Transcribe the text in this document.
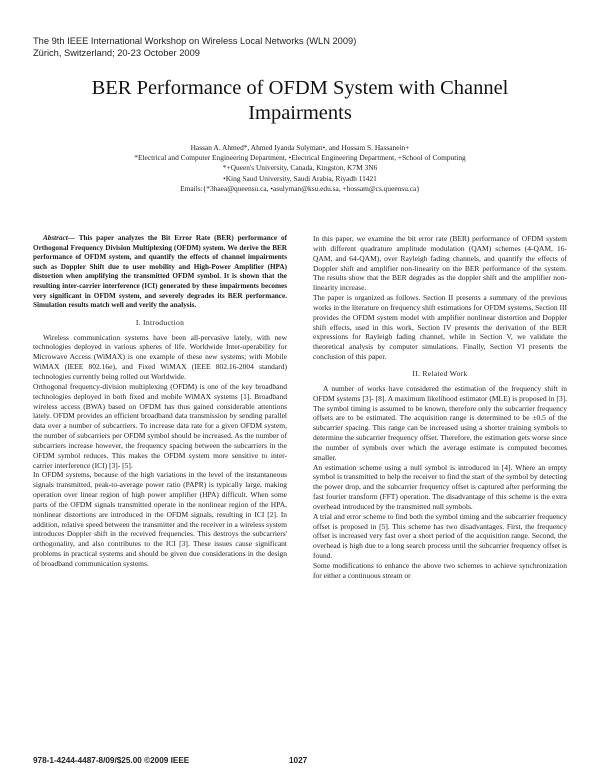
The 9th IEEE International Workshop on Wireless Local Networks (WLN 2009)
Zürich, Switzerland; 20-23 October 2009
BER Performance of OFDM System with Channel
Impairments
Hassan A. Ahmed*, Ahmed Iyanda Sulyman•, and Hossam S. Hassanein+
*Electrical and Computer Engineering Department, •Electrical Engineering Department, +School of Computing
*+Queen's University, Canada, Kingston, K7M 3N6
•King Saud University, Saudi Arabia, Riyadh 11421
Emails:{*3haea@queensu.ca, •asulyman@ksu.edu.sa, +hossam@cs.queensu.ca}

Abstract— This paper analyzes the Bit Error Rate (BER) performance of Orthogonal Frequency Division Multiplexing (OFDM) system. We derive the BER performance of OFDM system, and quantify the effects of channel impairments such as Doppler Shift due to user mobility and High-Power Amplifier (HPA) distortion when amplifying the transmitted OFDM symbol. It is shown that the resulting inter-carrier interference (ICI) generated by these impairments becomes very significant in OFDM system, and severely degrades its BER performance. Simulation results match well and verify the analysis.

I. Introduction

Wireless communication systems have been all-pervasive lately, with new technologies deployed in various spheres of life. Worldwide Inter-operability for Microwave Access (WiMAX) is one example of these new systems; with Mobile WiMAX (IEEE 802.16e), and Fixed WiMAX (IEEE 802.16-2004 standard) technologies currently being rolled out Worldwide.

Orthogonal frequency-division multiplexing (OFDM) is one of the key broadband technologies deployed in both fixed and mobile WiMAX systems [1]. Broadband wireless access (BWA) based on OFDM has thus gained considerable attentions lately. OFDM provides an efficient broadband data transmission by sending parallel data over a number of subcarriers. To increase data rate for a given OFDM system, the number of subcarriers per OFDM symbol should be increased. As the number of subcarriers increase however, the frequency spacing between the subcarriers in the OFDM symbol reduces. This makes the OFDM system more sensitive to inter-carrier interference (ICI) [3]- [5].

In OFDM systems, because of the high variations in the level of the instantaneous signals transmitted, peak-to-average power ratio (PAPR) is typically large, making operation over linear region of high power amplifier (HPA) difficult. When some parts of the OFDM signals transmitted operate in the nonlinear region of the HPA, nonlinear distortions are introduced in the OFDM signals, resulting in ICI [2]. In addition, relative speed between the transmitter and the receiver in a wireless system introduces Doppler shift in the received frequencies. This destroys the subcarriers' orthogonality, and also contributes to the ICI [3]. These issues cause significant problems in practical systems and should be given due considerations in the design of broadband communication systems.

In this paper, we examine the bit error rate (BER) performance of OFDM system with different quadrature amplitude modulation (QAM) schemes (4-QAM, 16-QAM, and 64-QAM), over Rayleigh fading channels, and quantify the effects of Doppler shift and amplifier non-linearity on the BER performance of the system. The results show that the BER degrades as the doppler shift and the amplifier non-linearity increase.

The paper is organized as follows. Section II presents a summary of the previous works in the literature on frequency shift estimations for OFDM systems, Section III provides the OFDM system model with amplifier nonlinear distortion and Doppler shift effects, used in this work, Section IV presents the derivation of the BER expressions for Rayleigh fading channel, while in Section V, we validate the theoretical analysis by computer simulations. Finally, Section VI presents the conclusion of this paper.

II. Related Work

A number of works have considered the estimation of the frequency shift in OFDM systems [3]- [8]. A maximum likelihood estimator (MLE) is proposed in [3]. The symbol timing is assumed to be known, therefore only the subcarrier frequency offsets are to be estimated. The acquisition range is determined to be ±0.5 of the subcarrier spacing. This range can be increased using a shorter training symbols to determine the subcarrier frequency offset. Therefore, the estimation gets worse since the number of symbols over which the average estimate is computed becomes smaller.

An estimation scheme using a null symbol is introduced in [4]. Where an empty symbol is transmitted to help the receiver to find the start of the symbol by detecting the power drop, and the subcarrier frequency offset is captured after performing the fast fourier transform (FFT) operation. The disadvantage of this scheme is the extra overhead introduced by the transmitted null symbols.

A trial and error scheme to find both the symbol timing and the subcarrier frequency offset is proposed in [5]. This scheme has two disadvantages. First, the frequency offset is increased very fast over a short period of the acquisition range. Second, the overhead is high due to a long search process until the subcarrier frequency offset is found.

Some modifications to enhance the above two schemes to achieve synchronization for either a continuous stream or

978-1-4244-4487-8/09/$25.00 ©2009 IEEE	1027
